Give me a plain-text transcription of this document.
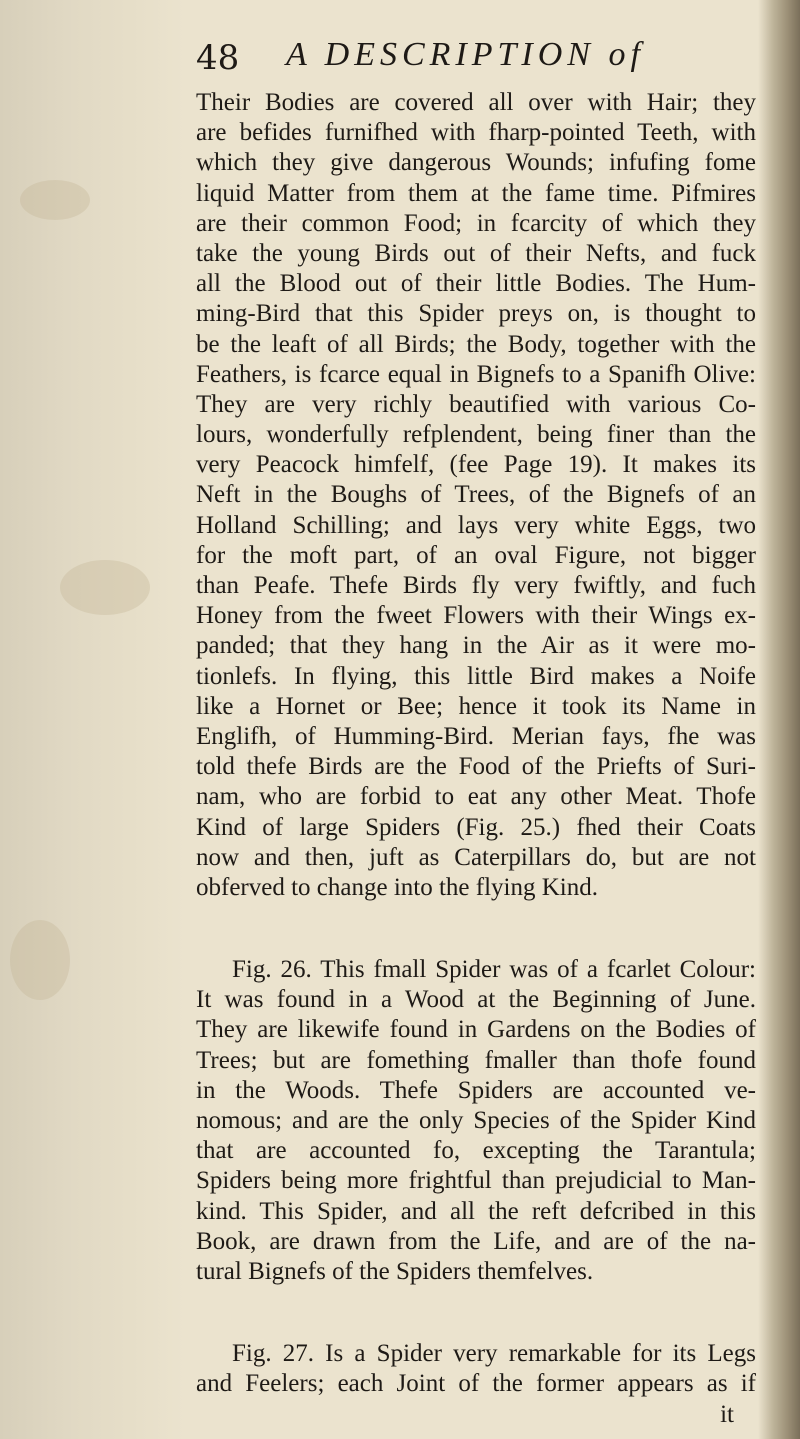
48 A DESCRIPTION of
Their Bodies are covered all over with Hair; they
are befides furnifhed with fharp-pointed Teeth, with
which they give dangerous Wounds; infufing fome
liquid Matter from them at the fame time. Pifmires
are their common Food; in fcarcity of which they
take the young Birds out of their Nefts, and fuck
all the Blood out of their little Bodies. The Hum-
ming-Bird that this Spider preys on, is thought to
be the leaft of all Birds; the Body, together with the
Feathers, is fcarce equal in Bignefs to a Spanifh Olive:
They are very richly beautified with various Co-
lours, wonderfully refplendent, being finer than the
very Peacock himfelf, (fee Page 19). It makes its
Neft in the Boughs of Trees, of the Bignefs of an
Holland Schilling; and lays very white Eggs, two
for the moft part, of an oval Figure, not bigger
than Peafe. Thefe Birds fly very fwiftly, and fuch
Honey from the fweet Flowers with their Wings ex-
panded; that they hang in the Air as it were mo-
tionlefs. In flying, this little Bird makes a Noife
like a Hornet or Bee; hence it took its Name in
Englifh, of Humming-Bird. Merian fays, fhe was
told thefe Birds are the Food of the Priefts of Suri-
nam, who are forbid to eat any other Meat. Thofe
Kind of large Spiders (Fig. 25.) fhed their Coats
now and then, juft as Caterpillars do, but are not
obferved to change into the flying Kind.
Fig. 26. This fmall Spider was of a fcarlet Colour:
It was found in a Wood at the Beginning of June.
They are likewife found in Gardens on the Bodies of
Trees; but are fomething fmaller than thofe found
in the Woods. Thefe Spiders are accounted ve-
nomous; and are the only Species of the Spider Kind
that are accounted fo, excepting the Tarantula;
Spiders being more frightful than prejudicial to Man-
kind. This Spider, and all the reft defcribed in this
Book, are drawn from the Life, and are of the na-
tural Bignefs of the Spiders themfelves.
Fig. 27. Is a Spider very remarkable for its Legs
and Feelers; each Joint of the former appears as if
it
